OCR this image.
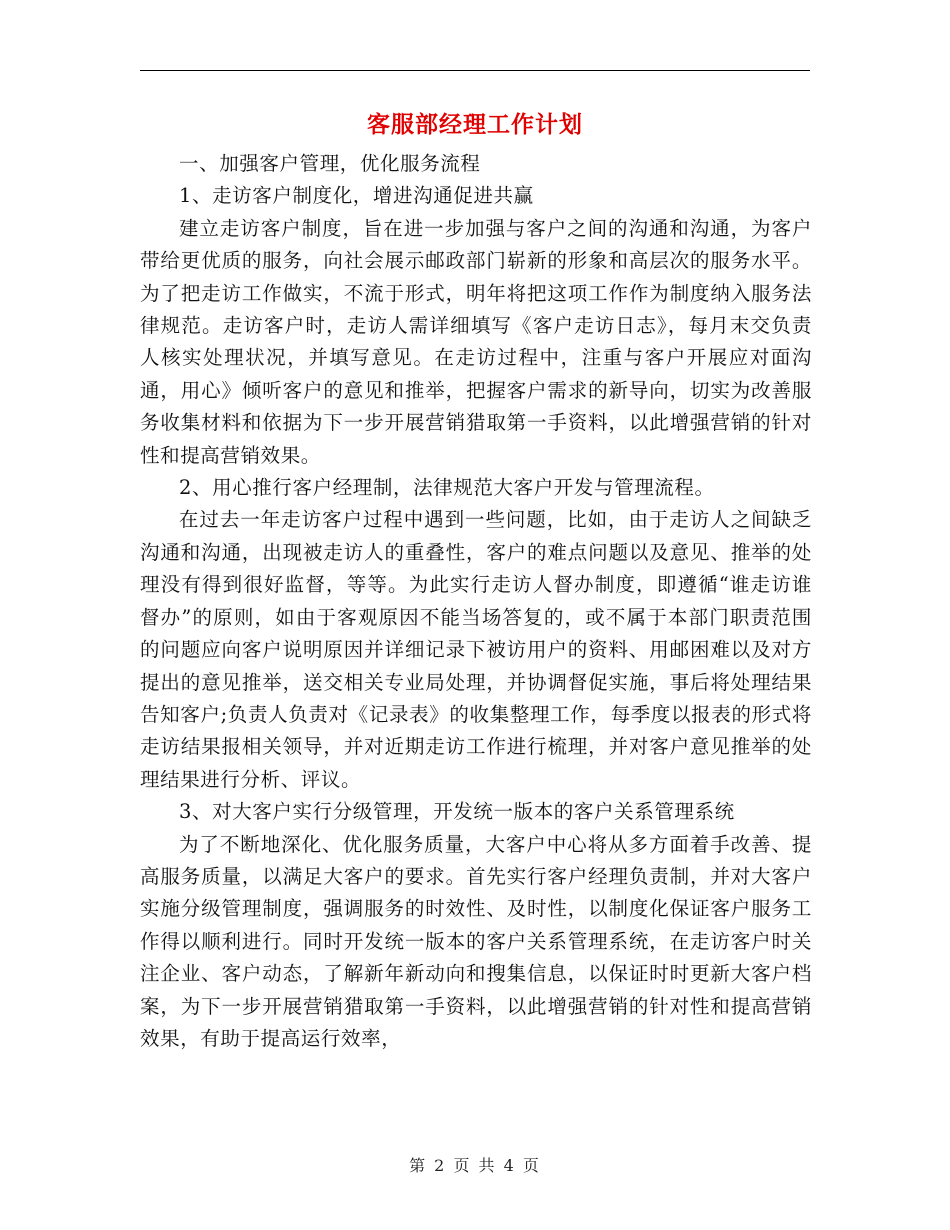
客服部经理工作计划

一、加强客户管理，优化服务流程

1、走访客户制度化，增进沟通促进共赢

建立走访客户制度，旨在进一步加强与客户之间的沟通和沟通，为客户带给更优质的服务，向社会展示邮政部门崭新的形象和高层次的服务水平。为了把走访工作做实，不流于形式，明年将把这项工作作为制度纳入服务法律规范。走访客户时，走访人需详细填写《客户走访日志》，每月末交负责人核实处理状况，并填写意见。在走访过程中，注重与客户开展应对面沟通，用心》倾听客户的意见和推举，把握客户需求的新导向，切实为改善服务收集材料和依据为下一步开展营销猎取第一手资料，以此增强营销的针对性和提高营销效果。

2、用心推行客户经理制，法律规范大客户开发与管理流程。

在过去一年走访客户过程中遇到一些问题，比如，由于走访人之间缺乏沟通和沟通，出现被走访人的重叠性，客户的难点问题以及意见、推举的处理没有得到很好监督，等等。为此实行走访人督办制度，即遵循“谁走访谁督办”的原则，如由于客观原因不能当场答复的，或不属于本部门职责范围的问题应向客户说明原因并详细记录下被访用户的资料、用邮困难以及对方提出的意见推举，送交相关专业局处理，并协调督促实施，事后将处理结果告知客户;负责人负责对《记录表》的收集整理工作，每季度以报表的形式将走访结果报相关领导，并对近期走访工作进行梳理，并对客户意见推举的处理结果进行分析、评议。

3、对大客户实行分级管理，开发统一版本的客户关系管理系统

为了不断地深化、优化服务质量，大客户中心将从多方面着手改善、提高服务质量，以满足大客户的要求。首先实行客户经理负责制，并对大客户实施分级管理制度，强调服务的时效性、及时性，以制度化保证客户服务工作得以顺利进行。同时开发统一版本的客户关系管理系统，在走访客户时关注企业、客户动态，了解新年新动向和搜集信息，以保证时时更新大客户档案，为下一步开展营销猎取第一手资料，以此增强营销的针对性和提高营销效果，有助于提高运行效率，

第 2 页 共 4 页
